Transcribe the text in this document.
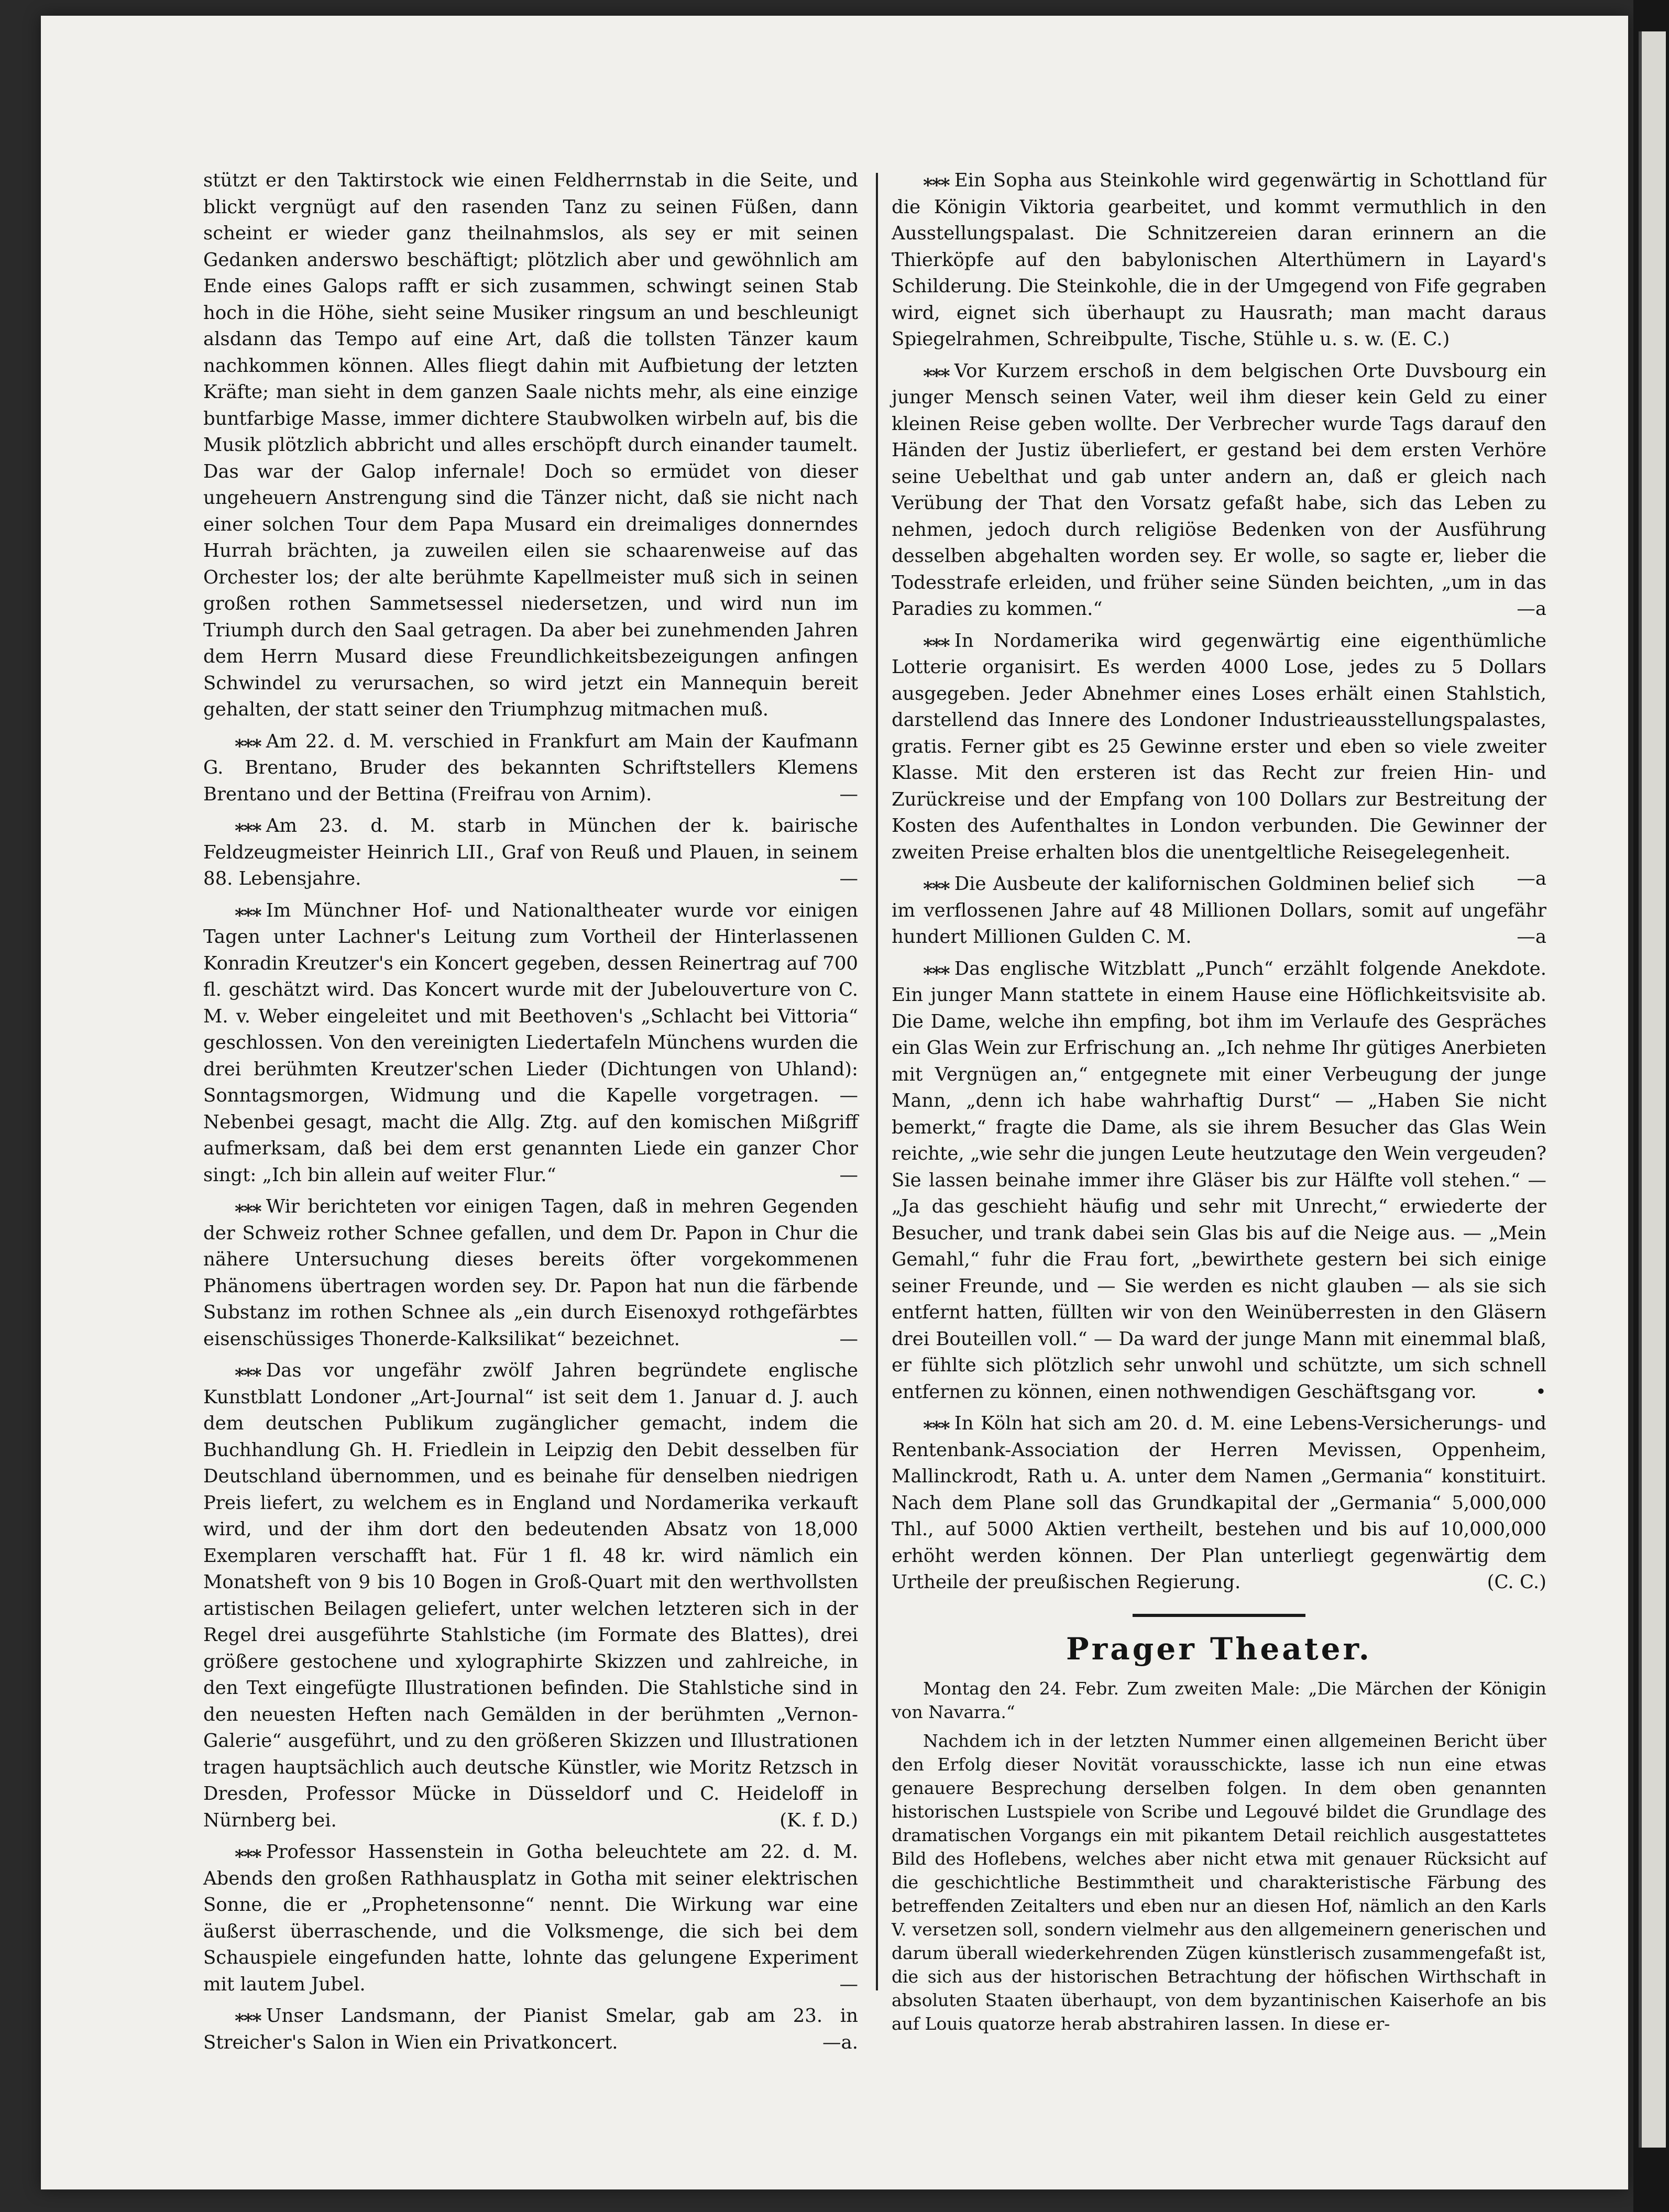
stützt er den Taktirstock wie einen Feldherrnstab in die Seite, und blickt vergnügt auf den rasenden Tanz zu seinen Füßen, dann scheint er wieder ganz theilnahmslos, als sey er mit seinen Gedanken anderswo beschäftigt; plötzlich aber und gewöhnlich am Ende eines Galops rafft er sich zusammen, schwingt seinen Stab hoch in die Höhe, sieht seine Musiker ringsum an und beschleunigt alsdann das Tempo auf eine Art, daß die tollsten Tänzer kaum nachkommen können. Alles fliegt dahin mit Aufbietung der letzten Kräfte; man sieht in dem ganzen Saale nichts mehr, als eine einzige buntfarbige Masse, immer dichtere Staubwolken wirbeln auf, bis die Musik plötzlich abbricht und alles erschöpft durch einander taumelt. Das war der Galop infernale! Doch so ermüdet von dieser ungeheuern Anstrengung sind die Tänzer nicht, daß sie nicht nach einer solchen Tour dem Papa Musard ein dreimaliges donnerndes Hurrah brächten, ja zuweilen eilen sie schaarenweise auf das Orchester los; der alte berühmte Kapellmeister muß sich in seinen großen rothen Sammetsessel niedersetzen, und wird nun im Triumph durch den Saal getragen. Da aber bei zunehmenden Jahren dem Herrn Musard diese Freundlichkeitsbezeigungen anfingen Schwindel zu verursachen, so wird jetzt ein Mannequin bereit gehalten, der statt seiner den Triumphzug mitmachen muß.

⁎⁎⁎ Am 22. d. M. verschied in Frankfurt am Main der Kaufmann G. Brentano, Bruder des bekannten Schriftstellers Klemens Brentano und der Bettina (Freifrau von Arnim).	—

⁎⁎⁎ Am 23. d. M. starb in München der k. bairische Feldzeugmeister Heinrich LII., Graf von Reuß und Plauen, in seinem 88. Lebensjahre.	—

⁎⁎⁎ Im Münchner Hof- und Nationaltheater wurde vor einigen Tagen unter Lachner's Leitung zum Vortheil der Hinterlassenen Konradin Kreutzer's ein Koncert gegeben, dessen Reinertrag auf 700 fl. geschätzt wird. Das Koncert wurde mit der Jubelouverture von C. M. v. Weber eingeleitet und mit Beethoven's „Schlacht bei Vittoria“ geschlossen. Von den vereinigten Liedertafeln Münchens wurden die drei berühmten Kreutzer'schen Lieder (Dichtungen von Uhland): Sonntagsmorgen, Widmung und die Kapelle vorgetragen. — Nebenbei gesagt, macht die Allg. Ztg. auf den komischen Mißgriff aufmerksam, daß bei dem erst genannten Liede ein ganzer Chor singt: „Ich bin allein auf weiter Flur.“	—

⁎⁎⁎ Wir berichteten vor einigen Tagen, daß in mehren Gegenden der Schweiz rother Schnee gefallen, und dem Dr. Papon in Chur die nähere Untersuchung dieses bereits öfter vorgekommenen Phänomens übertragen worden sey. Dr. Papon hat nun die färbende Substanz im rothen Schnee als „ein durch Eisenoxyd rothgefärbtes eisenschüssiges Thonerde-Kalksilikat“ bezeichnet.	—

⁎⁎⁎ Das vor ungefähr zwölf Jahren begründete englische Kunstblatt Londoner „Art-Journal“ ist seit dem 1. Januar d. J. auch dem deutschen Publikum zugänglicher gemacht, indem die Buchhandlung Gh. H. Friedlein in Leipzig den Debit desselben für Deutschland übernommen, und es beinahe für denselben niedrigen Preis liefert, zu welchem es in England und Nordamerika verkauft wird, und der ihm dort den bedeutenden Absatz von 18,000 Exemplaren verschafft hat. Für 1 fl. 48 kr. wird nämlich ein Monatsheft von 9 bis 10 Bogen in Groß-Quart mit den werthvollsten artistischen Beilagen geliefert, unter welchen letzteren sich in der Regel drei ausgeführte Stahlstiche (im Formate des Blattes), drei größere gestochene und xylographirte Skizzen und zahlreiche, in den Text eingefügte Illustrationen befinden. Die Stahlstiche sind in den neuesten Heften nach Gemälden in der berühmten „Vernon-Galerie“ ausgeführt, und zu den größeren Skizzen und Illustrationen tragen hauptsächlich auch deutsche Künstler, wie Moritz Retzsch in Dresden, Professor Mücke in Düsseldorf und C. Heideloff in Nürnberg bei.	(K. f. D.)

⁎⁎⁎ Professor Hassenstein in Gotha beleuchtete am 22. d. M. Abends den großen Rathhausplatz in Gotha mit seiner elektrischen Sonne, die er „Prophetensonne“ nennt. Die Wirkung war eine äußerst überraschende, und die Volksmenge, die sich bei dem Schauspiele eingefunden hatte, lohnte das gelungene Experiment mit lautem Jubel.	—

⁎⁎⁎ Unser Landsmann, der Pianist Smelar, gab am 23. in Streicher's Salon in Wien ein Privatkoncert.	—a.

⁎⁎⁎ Ein Sopha aus Steinkohle wird gegenwärtig in Schottland für die Königin Viktoria gearbeitet, und kommt vermuthlich in den Ausstellungspalast. Die Schnitzereien daran erinnern an die Thierköpfe auf den babylonischen Alterthümern in Layard's Schilderung. Die Steinkohle, die in der Umgegend von Fife gegraben wird, eignet sich überhaupt zu Hausrath; man macht daraus Spiegelrahmen, Schreibpulte, Tische, Stühle u. s. w. (E. C.)

⁎⁎⁎ Vor Kurzem erschoß in dem belgischen Orte Duvsbourg ein junger Mensch seinen Vater, weil ihm dieser kein Geld zu einer kleinen Reise geben wollte. Der Verbrecher wurde Tags darauf den Händen der Justiz überliefert, er gestand bei dem ersten Verhöre seine Uebelthat und gab unter andern an, daß er gleich nach Verübung der That den Vorsatz gefaßt habe, sich das Leben zu nehmen, jedoch durch religiöse Bedenken von der Ausführung desselben abgehalten worden sey. Er wolle, so sagte er, lieber die Todesstrafe erleiden, und früher seine Sünden beichten, „um in das Paradies zu kommen.“	—a

⁎⁎⁎ In Nordamerika wird gegenwärtig eine eigenthümliche Lotterie organisirt. Es werden 4000 Lose, jedes zu 5 Dollars ausgegeben. Jeder Abnehmer eines Loses erhält einen Stahlstich, darstellend das Innere des Londoner Industrieausstellungspalastes, gratis. Ferner gibt es 25 Gewinne erster und eben so viele zweiter Klasse. Mit den ersteren ist das Recht zur freien Hin- und Zurückreise und der Empfang von 100 Dollars zur Bestreitung der Kosten des Aufenthaltes in London verbunden. Die Gewinner der zweiten Preise erhalten blos die unentgeltliche Reisegelegenheit.
—a

⁎⁎⁎ Die Ausbeute der kalifornischen Goldminen belief sich im verflossenen Jahre auf 48 Millionen Dollars, somit auf ungefähr hundert Millionen Gulden C. M.	—a

⁎⁎⁎ Das englische Witzblatt „Punch“ erzählt folgende Anekdote. Ein junger Mann stattete in einem Hause eine Höflichkeitsvisite ab. Die Dame, welche ihn empfing, bot ihm im Verlaufe des Gespräches ein Glas Wein zur Erfrischung an. „Ich nehme Ihr gütiges Anerbieten mit Vergnügen an,“ entgegnete mit einer Verbeugung der junge Mann, „denn ich habe wahrhaftig Durst“ — „Haben Sie nicht bemerkt,“ fragte die Dame, als sie ihrem Besucher das Glas Wein reichte, „wie sehr die jungen Leute heutzutage den Wein vergeuden? Sie lassen beinahe immer ihre Gläser bis zur Hälfte voll stehen.“ — „Ja das geschieht häufig und sehr mit Unrecht,“ erwiederte der Besucher, und trank dabei sein Glas bis auf die Neige aus. — „Mein Gemahl,“ fuhr die Frau fort, „bewirthete gestern bei sich einige seiner Freunde, und — Sie werden es nicht glauben — als sie sich entfernt hatten, füllten wir von den Weinüberresten in den Gläsern drei Bouteillen voll.“ — Da ward der junge Mann mit einemmal blaß, er fühlte sich plötzlich sehr unwohl und schützte, um sich schnell entfernen zu können, einen nothwendigen Geschäftsgang vor.	•

⁎⁎⁎ In Köln hat sich am 20. d. M. eine Lebens-Versicherungs- und Rentenbank-Association der Herren Mevissen, Oppenheim, Mallinckrodt, Rath u. A. unter dem Namen „Germania“ konstituirt. Nach dem Plane soll das Grundkapital der „Germania“ 5,000,000 Thl., auf 5000 Aktien vertheilt, bestehen und bis auf 10,000,000 erhöht werden können. Der Plan unterliegt gegenwärtig dem Urtheile der preußischen Regierung.	(C. C.)

Prager Theater.

Montag den 24. Febr. Zum zweiten Male: „Die Märchen der Königin von Navarra.“

Nachdem ich in der letzten Nummer einen allgemeinen Bericht über den Erfolg dieser Novität vorausschickte, lasse ich nun eine etwas genauere Besprechung derselben folgen. In dem oben genannten historischen Lustspiele von Scribe und Legouvé bildet die Grundlage des dramatischen Vorgangs ein mit pikantem Detail reichlich ausgestattetes Bild des Hoflebens, welches aber nicht etwa mit genauer Rücksicht auf die geschichtliche Bestimmtheit und charakteristische Färbung des betreffenden Zeitalters und eben nur an diesen Hof, nämlich an den Karls V. versetzen soll, sondern vielmehr aus den allgemeinern generischen und darum überall wiederkehrenden Zügen künstlerisch zusammengefaßt ist, die sich aus der historischen Betrachtung der höfischen Wirthschaft in absoluten Staaten überhaupt, von dem byzantinischen Kaiserhofe an bis auf Louis quatorze herab abstrahiren lassen. In diese er-
